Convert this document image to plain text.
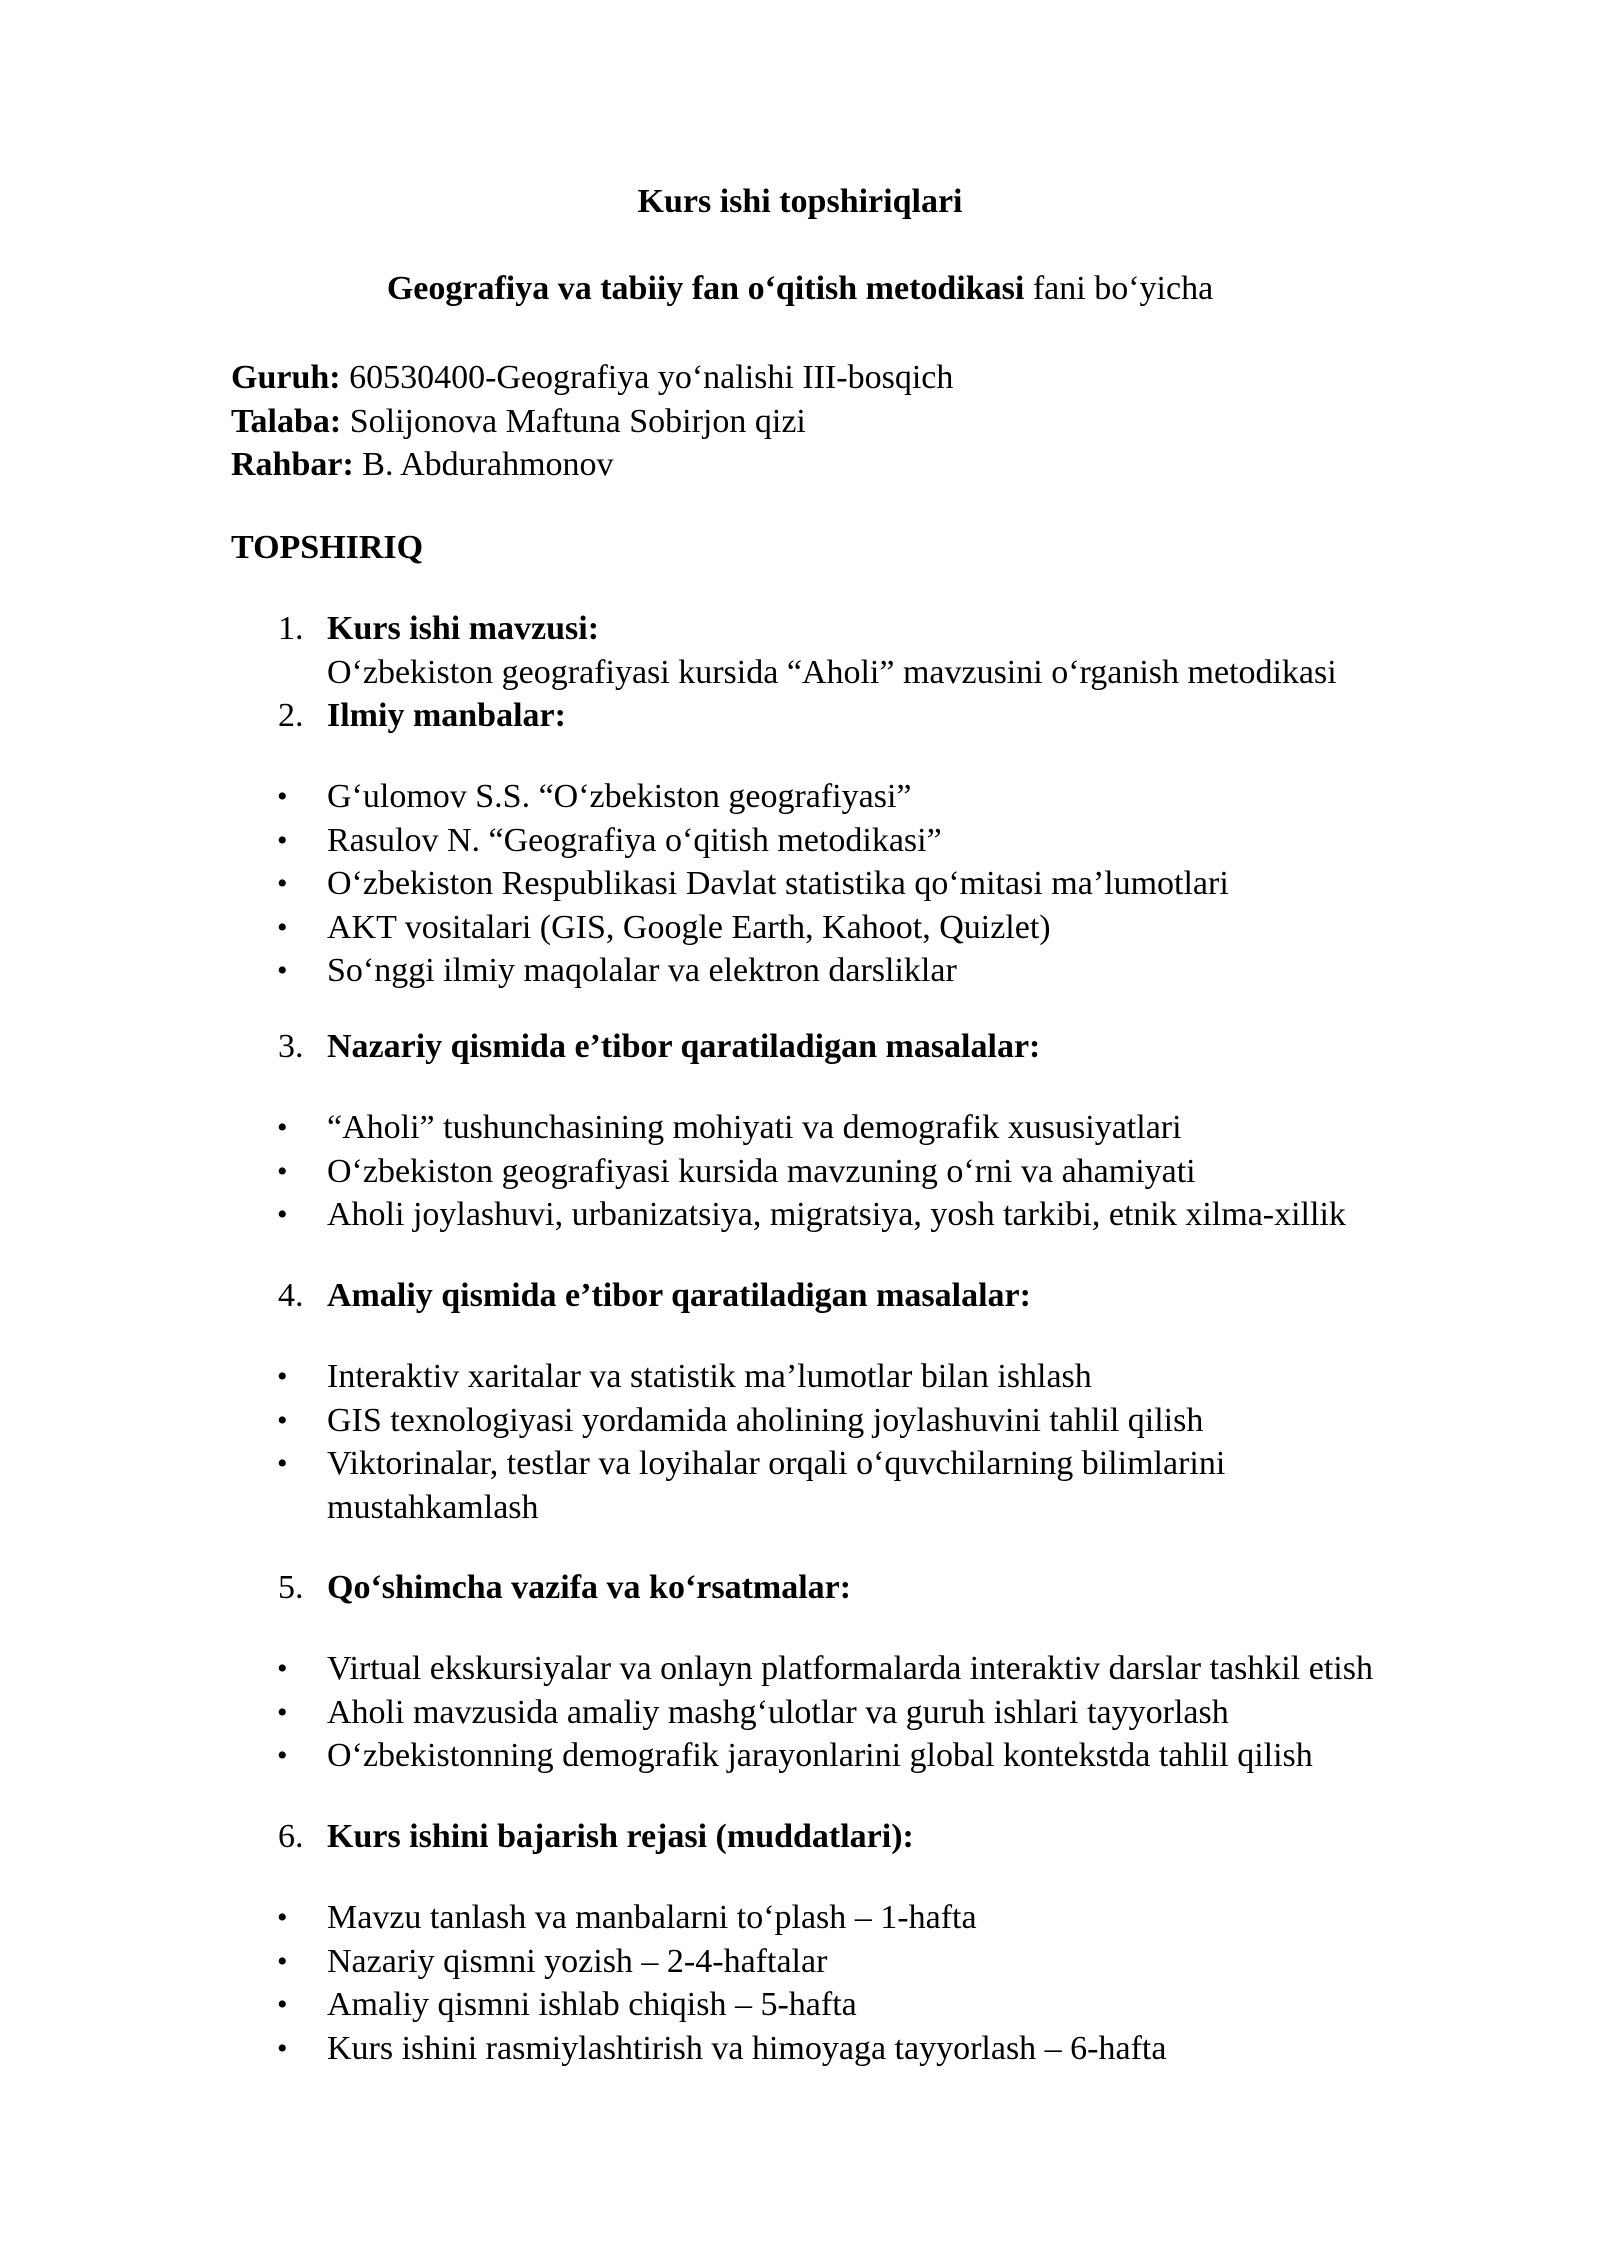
Kurs ishi topshiriqlari

Geografiya va tabiiy fan o‘qitish metodikasi fani bo‘yicha

Guruh: 60530400-Geografiya yo‘nalishi III-bosqich
Talaba: Solijonova Maftuna Sobirjon qizi
Rahbar: B. Abdurahmonov

TOPSHIRIQ

1. Kurs ishi mavzusi:
O‘zbekiston geografiyasi kursida “Aholi” mavzusini o‘rganish metodikasi
2. Ilmiy manbalar:
• G‘ulomov S.S. “O‘zbekiston geografiyasi”
• Rasulov N. “Geografiya o‘qitish metodikasi”
• O‘zbekiston Respublikasi Davlat statistika qo‘mitasi ma’lumotlari
• AKT vositalari (GIS, Google Earth, Kahoot, Quizlet)
• So‘nggi ilmiy maqolalar va elektron darsliklar
3. Nazariy qismida e’tibor qaratiladigan masalalar:
• “Aholi” tushunchasining mohiyati va demografik xususiyatlari
• O‘zbekiston geografiyasi kursida mavzuning o‘rni va ahamiyati
• Aholi joylashuvi, urbanizatsiya, migratsiya, yosh tarkibi, etnik xilma-xillik
4. Amaliy qismida e’tibor qaratiladigan masalalar:
• Interaktiv xaritalar va statistik ma’lumotlar bilan ishlash
• GIS texnologiyasi yordamida aholining joylashuvini tahlil qilish
• Viktorinalar, testlar va loyihalar orqali o‘quvchilarning bilimlarini mustahkamlash
5. Qo‘shimcha vazifa va ko‘rsatmalar:
• Virtual ekskursiyalar va onlayn platformalarda interaktiv darslar tashkil etish
• Aholi mavzusida amaliy mashg‘ulotlar va guruh ishlari tayyorlash
• O‘zbekistonning demografik jarayonlarini global kontekstda tahlil qilish
6. Kurs ishini bajarish rejasi (muddatlari):
• Mavzu tanlash va manbalarni to‘plash – 1-hafta
• Nazariy qismni yozish – 2-4-haftalar
• Amaliy qismni ishlab chiqish – 5-hafta
• Kurs ishini rasmiylashtirish va himoyaga tayyorlash – 6-hafta
